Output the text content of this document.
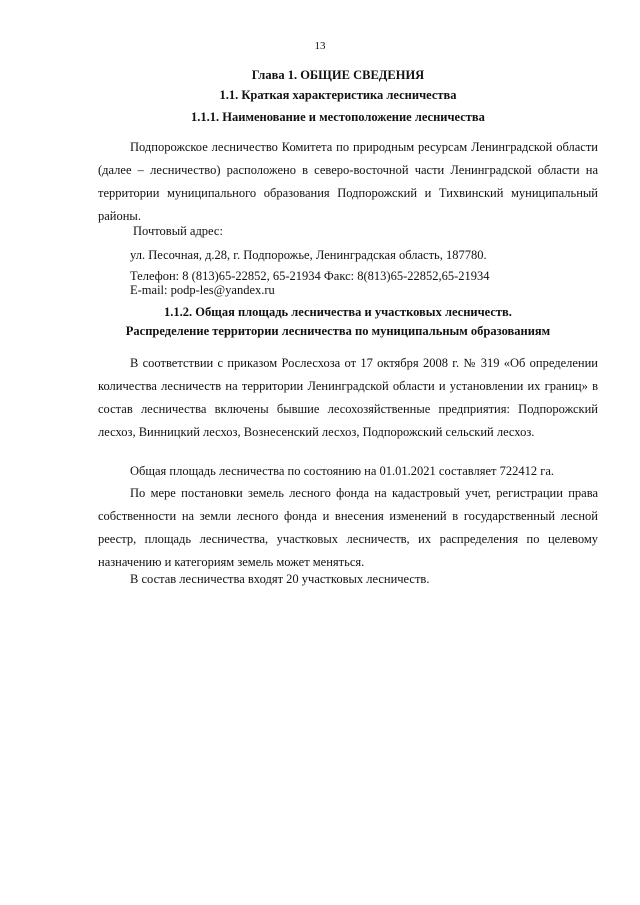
13
Глава 1. ОБЩИЕ СВЕДЕНИЯ
1.1. Краткая характеристика лесничества
1.1.1. Наименование и местоположение лесничества

Подпорожское лесничество Комитета по природным ресурсам Ленинградской области (далее – лесничество) расположено в северо-восточной части Ленинградской области на территории муниципального образования Подпорожский и Тихвинский муниципальный районы.

Почтовый адрес:
ул. Песочная, д.28, г. Подпорожье, Ленинградская область, 187780.
Телефон: 8 (813)65-22852, 65-21934 Факс: 8(813)65-22852,65-21934
E-mail: podp-les@yandex.ru
1.1.2. Общая площадь лесничества и участковых лесничеств.
Распределение территории лесничества по муниципальным образованиям

В соответствии с приказом Рослесхоза от 17 октября 2008 г. № 319 «Об определении количества лесничеств на территории Ленинградской области и установлении их границ» в состав лесничества включены бывшие лесохозяйственные предприятия: Подпорожский лесхоз, Винницкий лесхоз, Вознесенский лесхоз, Подпорожский сельский лесхоз.

Общая площадь лесничества по состоянию на 01.01.2021 составляет 722412 га.

По мере постановки земель лесного фонда на кадастровый учет, регистрации права собственности на земли лесного фонда и внесения изменений в государственный лесной реестр, площадь лесничества, участковых лесничеств, их распределения по целевому назначению и категориям земель может меняться.

В состав лесничества входят 20 участковых лесничеств.
